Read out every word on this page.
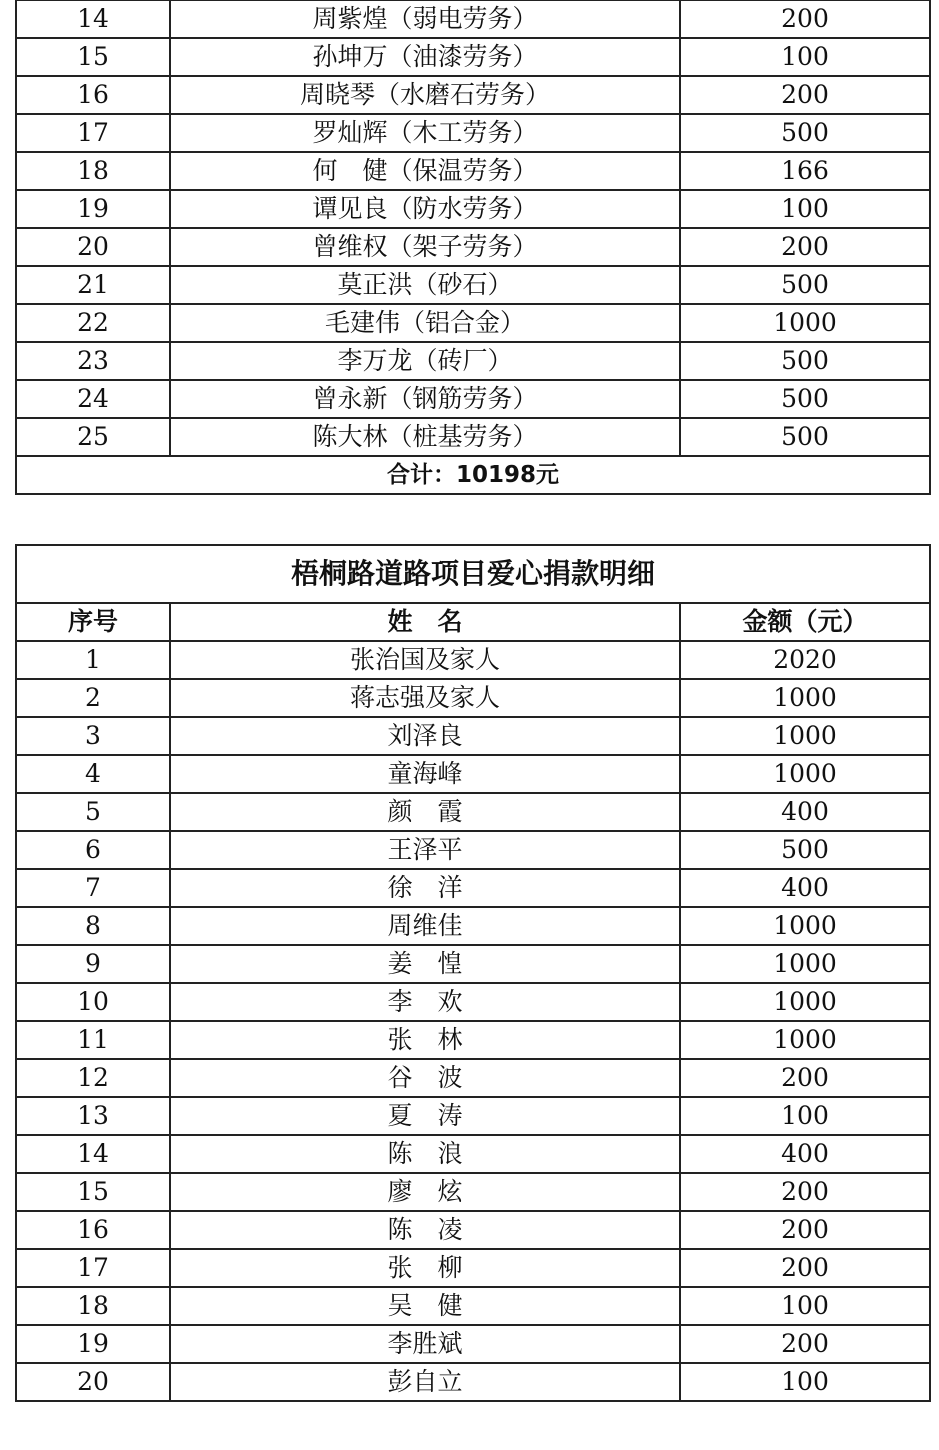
14	周紫煌（弱电劳务）	200
15	孙坤万（油漆劳务）	100
16	周晓琴（水磨石劳务）	200
17	罗灿辉（木工劳务）	500
18	何　健（保温劳务）	166
19	谭见良（防水劳务）	100
20	曾维权（架子劳务）	200
21	莫正洪（砂石）	500
22	毛建伟（铝合金）	1000
23	李万龙（砖厂）	500
24	曾永新（钢筋劳务）	500
25	陈大林（桩基劳务）	500
合计：10198元		
梧桐路道路项目爱心捐款明细		
序号	姓　名	金额（元）
1	张治国及家人	2020
2	蒋志强及家人	1000
3	刘泽良	1000
4	童海峰	1000
5	颜　霞	400
6	王泽平	500
7	徐　洋	400
8	周维佳	1000
9	姜　惶	1000
10	李　欢	1000
11	张　林	1000
12	谷　波	200
13	夏　涛	100
14	陈　浪	400
15	廖　炫	200
16	陈　凌	200
17	张　柳	200
18	吴　健	100
19	李胜斌	200
20	彭自立	100
